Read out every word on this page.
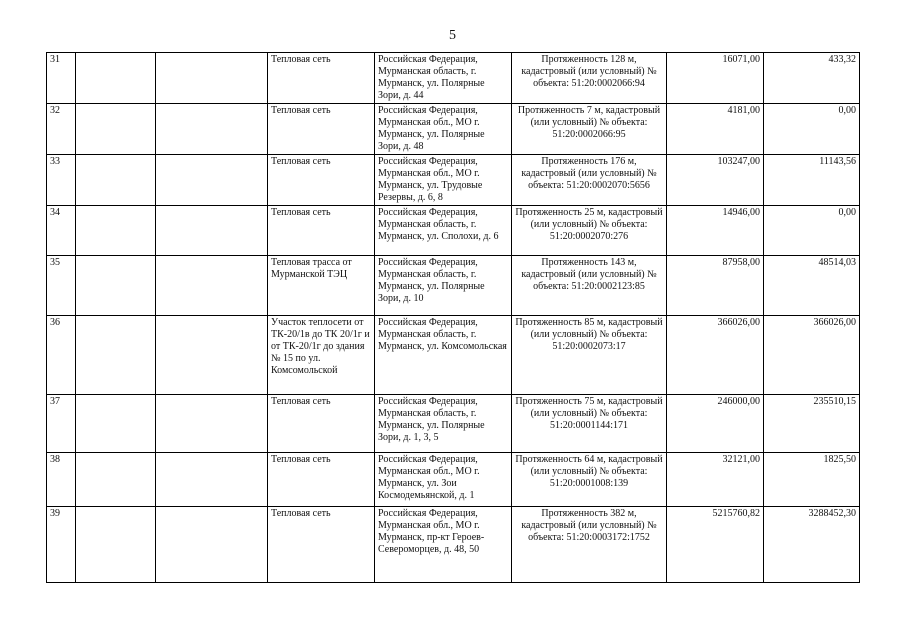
5
31			Тепловая сеть	Российская Федерация, Мурманская область, г. Мурманск, ул. Полярные Зори, д. 44	Протяженность 128 м, кадастровый (или условный) № объекта: 51:20:0002066:94	16071,00	433,32
32			Тепловая сеть	Российская Федерация, Мурманская обл., МО г. Мурманск, ул. Полярные Зори, д. 48	Протяженность 7 м, кадастровый (или условный) № объекта: 51:20:0002066:95	4181,00	0,00
33			Тепловая сеть	Российская Федерация, Мурманская обл., МО г. Мурманск, ул. Трудовые Резервы, д. 6, 8	Протяженность 176 м, кадастровый (или условный) № объекта: 51:20:0002070:5656	103247,00	11143,56
34			Тепловая сеть	Российская Федерация, Мурманская область, г. Мурманск, ул. Сполохи, д. 6	Протяженность 25 м, кадастровый (или условный) № объекта: 51:20:0002070:276	14946,00	0,00
35			Тепловая трасса от Мурманской ТЭЦ	Российская Федерация, Мурманская область, г. Мурманск, ул. Полярные Зори, д. 10	Протяженность 143 м, кадастровый (или условный) № объекта: 51:20:0002123:85	87958,00	48514,03
36			Участок теплосети от ТК-20/1в до ТК 20/1г и от ТК-20/1г до здания № 15 по ул. Комсомольской	Российская Федерация, Мурманская область, г. Мурманск, ул. Комсомольская	Протяженность 85 м, кадастровый (или условный) № объекта: 51:20:0002073:17	366026,00	366026,00
37			Тепловая сеть	Российская Федерация, Мурманская область, г. Мурманск, ул. Полярные Зори, д. 1, 3, 5	Протяженность 75 м, кадастровый (или условный) № объекта: 51:20:0001144:171	246000,00	235510,15
38			Тепловая сеть	Российская Федерация, Мурманская обл., МО г. Мурманск, ул. Зои Космодемьянской, д. 1	Протяженность 64 м, кадастровый (или условный) № объекта: 51:20:0001008:139	32121,00	1825,50
39			Тепловая сеть	Российская Федерация, Мурманская обл., МО г. Мурманск, пр-кт Героев-Североморцев, д. 48, 50	Протяженность 382 м, кадастровый (или условный) № объекта: 51:20:0003172:1752	5215760,82	3288452,30
